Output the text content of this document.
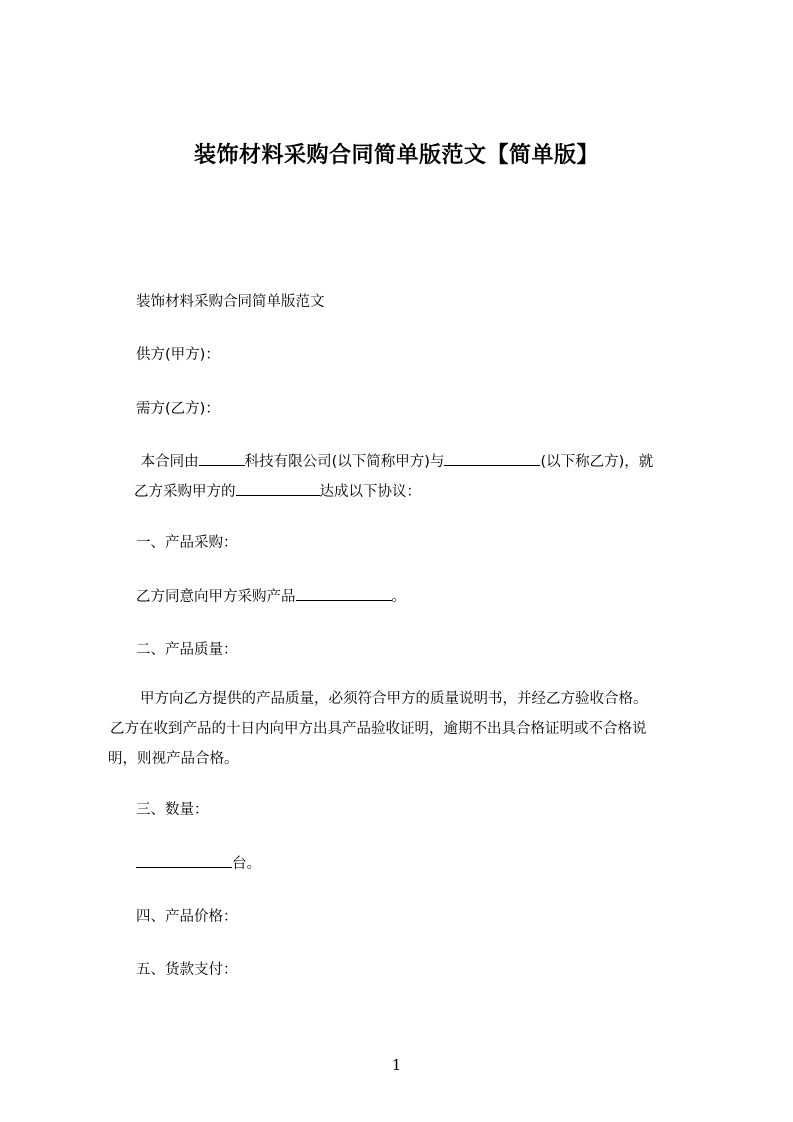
装饰材料采购合同简单版范文【简单版】
装饰材料采购合同简单版范文
供方(甲方)：
需方(乙方)：
本合同由	科技有限公司(以下简称甲方)与	(以下称乙方)，就
乙方采购甲方的	达成以下协议：
一、产品采购：
乙方同意向甲方采购产品	。
二、产品质量：
甲方向乙方提供的产品质量，必须符合甲方的质量说明书，并经乙方验收合格。
乙方在收到产品的十日内向甲方出具产品验收证明，逾期不出具合格证明或不合格说
明，则视产品合格。
三、数量：
台。
四、产品价格：
五、货款支付：
1
